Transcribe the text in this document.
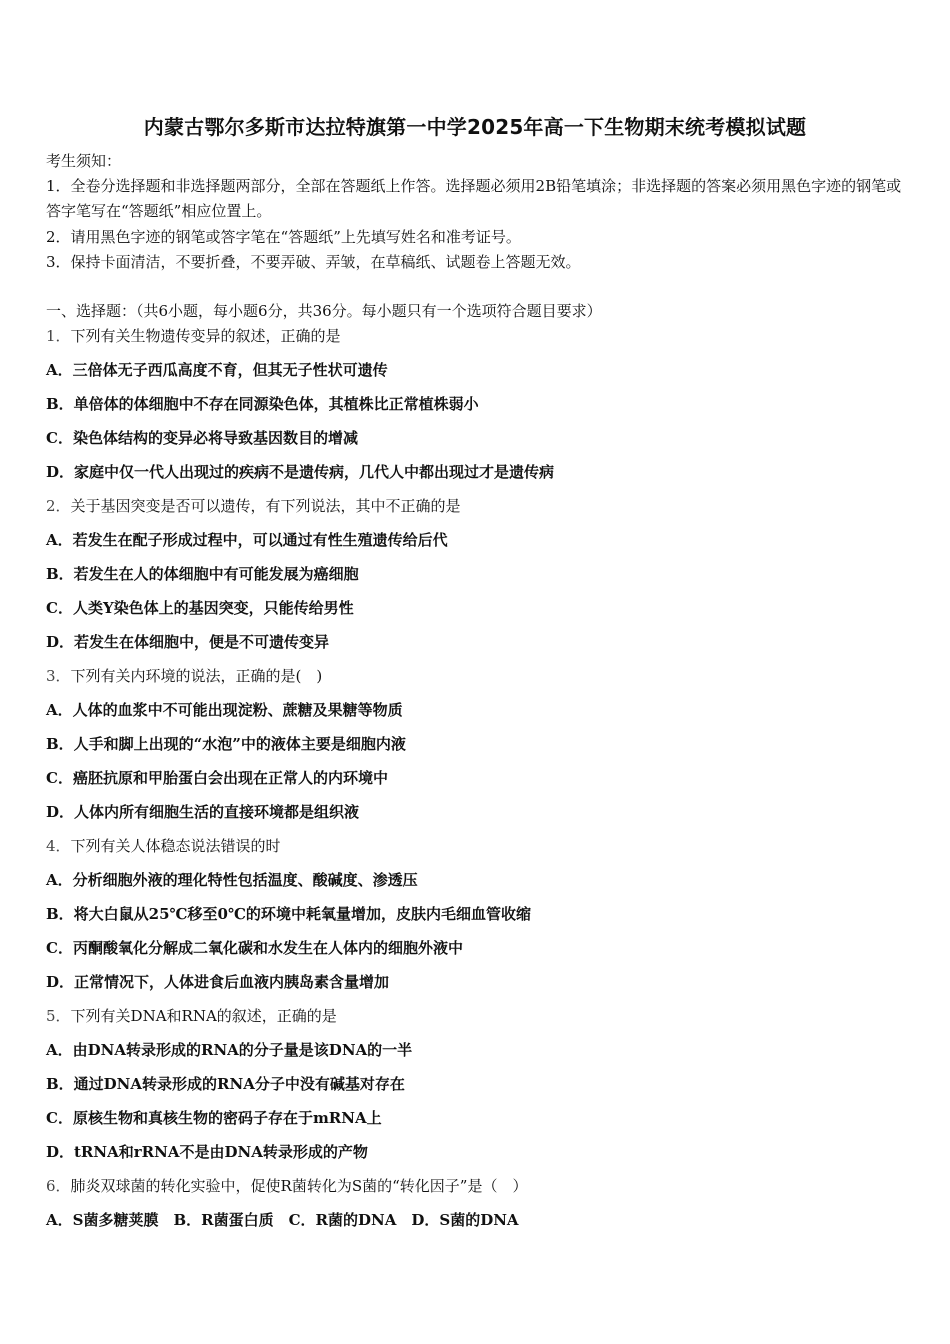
内蒙古鄂尔多斯市达拉特旗第一中学2025年高一下生物期末统考模拟试题
考生须知：
1．全卷分选择题和非选择题两部分，全部在答题纸上作答。选择题必须用2B铅笔填涂；非选择题的答案必须用黑色字迹的钢笔或答字笔写在“答题纸”相应位置上。
2．请用黑色字迹的钢笔或答字笔在“答题纸”上先填写姓名和准考证号。
3．保持卡面清洁，不要折叠，不要弄破、弄皱，在草稿纸、试题卷上答题无效。
一、选择题：（共6小题，每小题6分，共36分。每小题只有一个选项符合题目要求）
1．下列有关生物遗传变异的叙述，正确的是
A．三倍体无子西瓜高度不育，但其无子性状可遗传
B．单倍体的体细胞中不存在同源染色体，其植株比正常植株弱小
C．染色体结构的变异必将导致基因数目的增减
D．家庭中仅一代人出现过的疾病不是遗传病，几代人中都出现过才是遗传病
2．关于基因突变是否可以遗传，有下列说法，其中不正确的是
A．若发生在配子形成过程中，可以通过有性生殖遗传给后代
B．若发生在人的体细胞中有可能发展为癌细胞
C．人类Y染色体上的基因突变，只能传给男性
D．若发生在体细胞中，便是不可遗传变异
3．下列有关内环境的说法，正确的是(　)
A．人体的血浆中不可能出现淀粉、蔗糖及果糖等物质
B．人手和脚上出现的“水泡”中的液体主要是细胞内液
C．癌胚抗原和甲胎蛋白会出现在正常人的内环境中
D．人体内所有细胞生活的直接环境都是组织液
4．下列有关人体稳态说法错误的时
A．分析细胞外液的理化特性包括温度、酸碱度、渗透压
B．将大白鼠从25℃移至0℃的环境中耗氧量增加，皮肤内毛细血管收缩
C．丙酮酸氧化分解成二氧化碳和水发生在人体内的细胞外液中
D．正常情况下，人体进食后血液内胰岛素含量增加
5．下列有关DNA和RNA的叙述，正确的是
A．由DNA转录形成的RNA的分子量是该DNA的一半
B．通过DNA转录形成的RNA分子中没有碱基对存在
C．原核生物和真核生物的密码子存在于mRNA上
D．tRNA和rRNA不是由DNA转录形成的产物
6．肺炎双球菌的转化实验中，促使R菌转化为S菌的“转化因子”是（　）
A．S菌多糖荚膜　B．R菌蛋白质　C．R菌的DNA　D．S菌的DNA
